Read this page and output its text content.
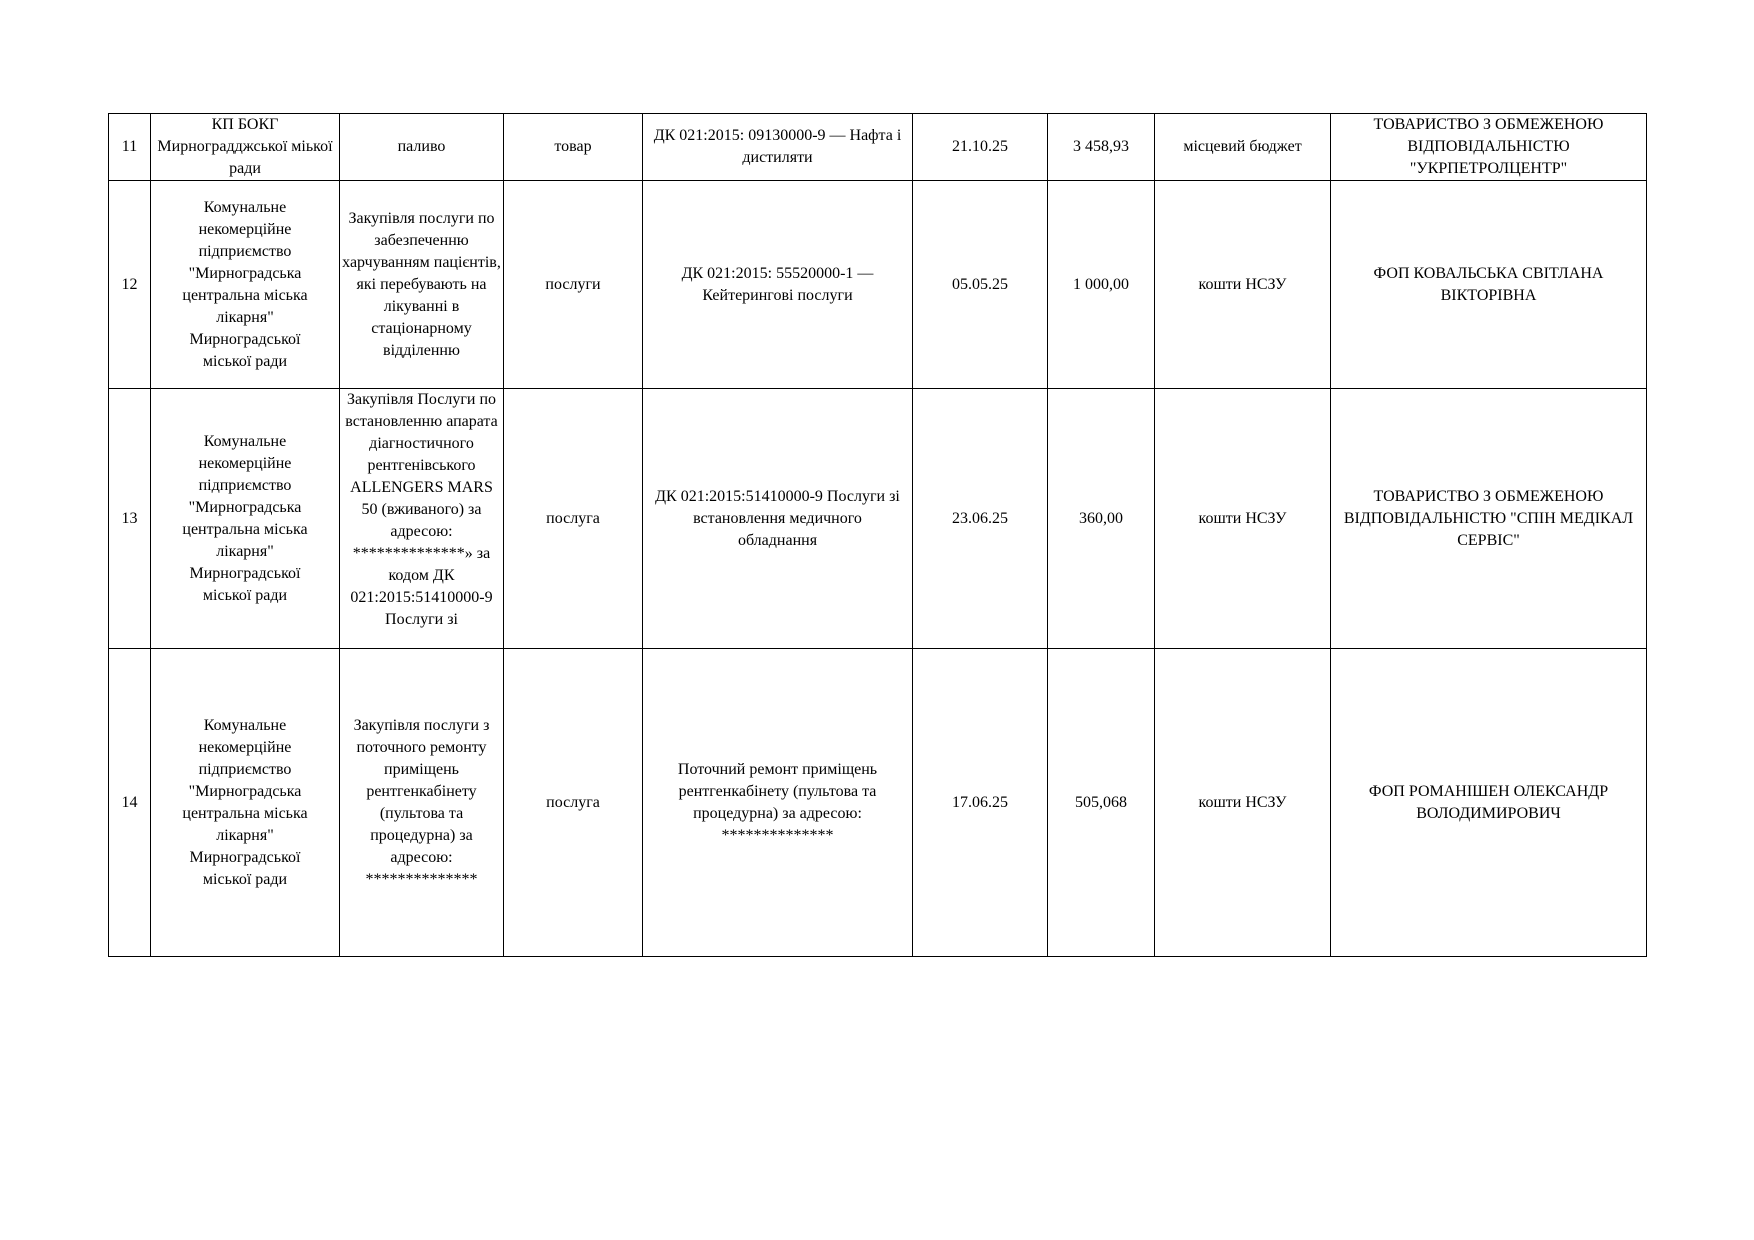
11	КП БОКГ Мирноградджської міької ради	паливо	товар	ДК 021:2015: 09130000-9 — Нафта і дистиляти	21.10.25	3 458,93	місцевий бюджет	ТОВАРИСТВО З ОБМЕЖЕНОЮ ВІДПОВІДАЛЬНІСТЮ "УКРПЕТРОЛЦЕНТР"
12	Комунальне некомерційне підприємство "Мирноградська центральна міська лікарня" Мирноградської міської ради	Закупівля послуги по забезпеченню харчуванням пацієнтів, які перебувають на лікуванні в стаціонарному відділенню	послуги	ДК 021:2015: 55520000-1 — Кейтерингові послуги	05.05.25	1 000,00	кошти НСЗУ	ФОП КОВАЛЬСЬКА СВІТЛАНА ВІКТОРІВНА
13	Комунальне некомерційне підприємство "Мирноградська центральна міська лікарня" Мирноградської міської ради	Закупівля Послуги по встановленню апарата діагностичного рентгенівського ALLENGERS MARS 50 (вживаного) за адресою: **************» за кодом ДК 021:2015:51410000-9 Послуги зі	послуга	ДК 021:2015:51410000-9 Послуги зі встановлення медичного обладнання	23.06.25	360,00	кошти НСЗУ	ТОВАРИСТВО З ОБМЕЖЕНОЮ ВІДПОВІДАЛЬНІСТЮ "СПІН МЕДІКАЛ СЕРВІС"
14	Комунальне некомерційне підприємство "Мирноградська центральна міська лікарня" Мирноградської міської ради	Закупівля послуги з поточного ремонту приміщень рентгенкабінету (пультова та процедурна) за адресою: **************	послуга	Поточний ремонт приміщень рентгенкабінету (пультова та процедурна) за адресою: **************	17.06.25	505,068	кошти НСЗУ	ФОП РОМАНІШЕН ОЛЕКСАНДР ВОЛОДИМИРОВИЧ
